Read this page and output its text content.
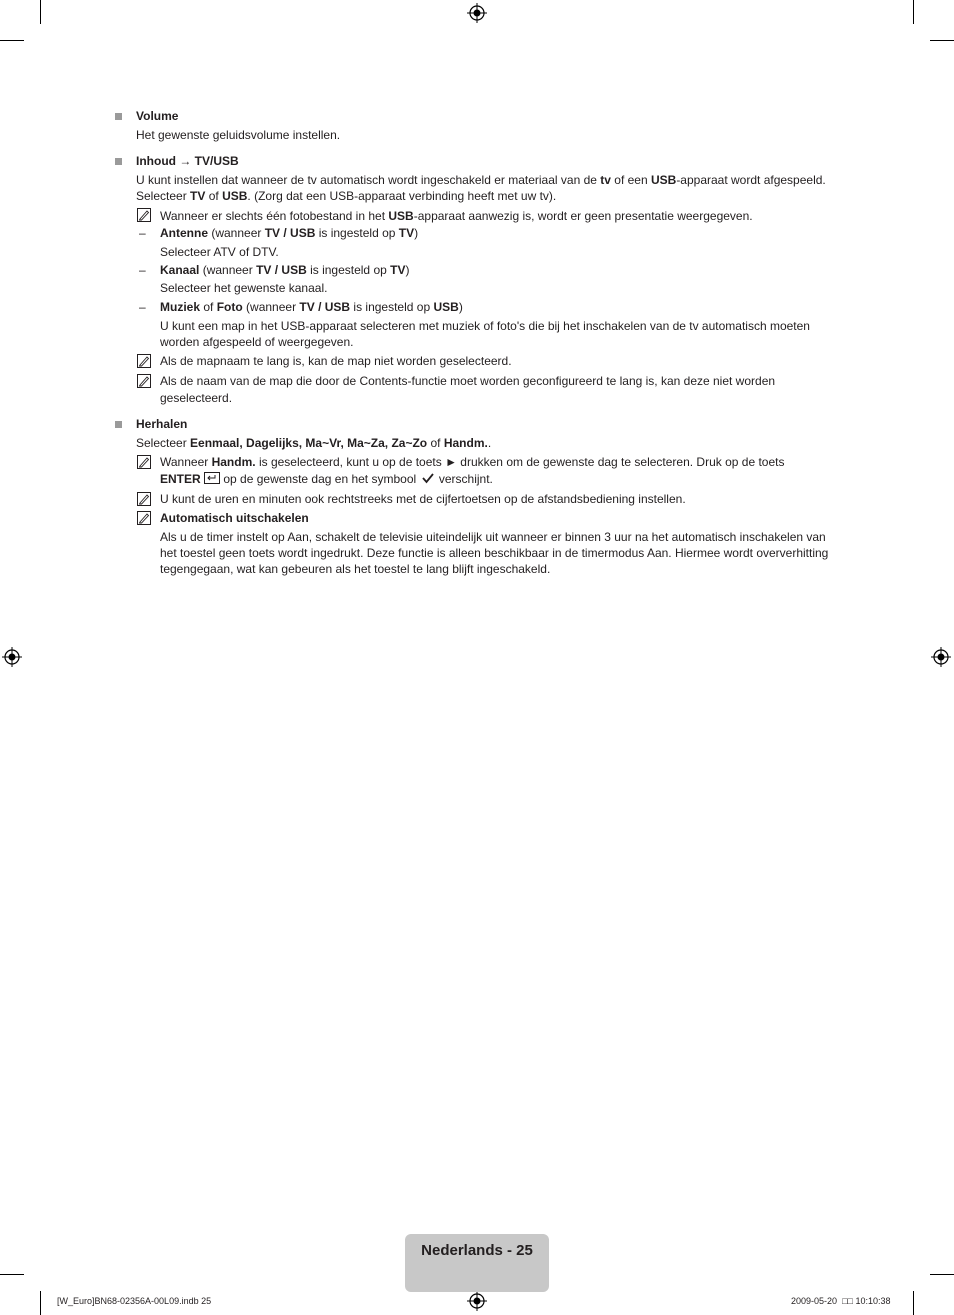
Volume
Het gewenste geluidsvolume instellen.
Inhoud → TV/USB
U kunt instellen dat wanneer de tv automatisch wordt ingeschakeld er materiaal van de tv of een USB-apparaat wordt afgespeeld.
Selecteer TV of USB. (Zorg dat een USB-apparaat verbinding heeft met uw tv).
Wanneer er slechts één fotobestand in het USB-apparaat aanwezig is, wordt er geen presentatie weergegeven.
– Antenne (wanneer TV / USB is ingesteld op TV)
Selecteer ATV of DTV.
– Kanaal (wanneer TV / USB is ingesteld op TV)
Selecteer het gewenste kanaal.
– Muziek of Foto (wanneer TV / USB is ingesteld op USB)
U kunt een map in het USB-apparaat selecteren met muziek of foto's die bij het inschakelen van de tv automatisch moeten
worden afgespeeld of weergegeven.
Als de mapnaam te lang is, kan de map niet worden geselecteerd.
Als de naam van de map die door de Contents-functie moet worden geconfigureerd te lang is, kan deze niet worden
geselecteerd.
Herhalen
Selecteer Eenmaal, Dagelijks, Ma~Vr, Ma~Za, Za~Zo of Handm..
Wanneer Handm. is geselecteerd, kunt u op de toets ► drukken om de gewenste dag te selecteren. Druk op de toets
ENTER op de gewenste dag en het symbool verschijnt.
U kunt de uren en minuten ook rechtstreeks met de cijfertoetsen op de afstandsbediening instellen.
Automatisch uitschakelen
Als u de timer instelt op Aan, schakelt de televisie uiteindelijk uit wanneer er binnen 3 uur na het automatisch inschakelen van
het toestel geen toets wordt ingedrukt. Deze functie is alleen beschikbaar in de timermodus Aan. Hiermee wordt oververhitting
tegengegaan, wat kan gebeuren als het toestel te lang blijft ingeschakeld.
Nederlands - 25
[W_Euro]BN68-02356A-00L09.indb 25	2009-05-20 □□ 10:10:38
